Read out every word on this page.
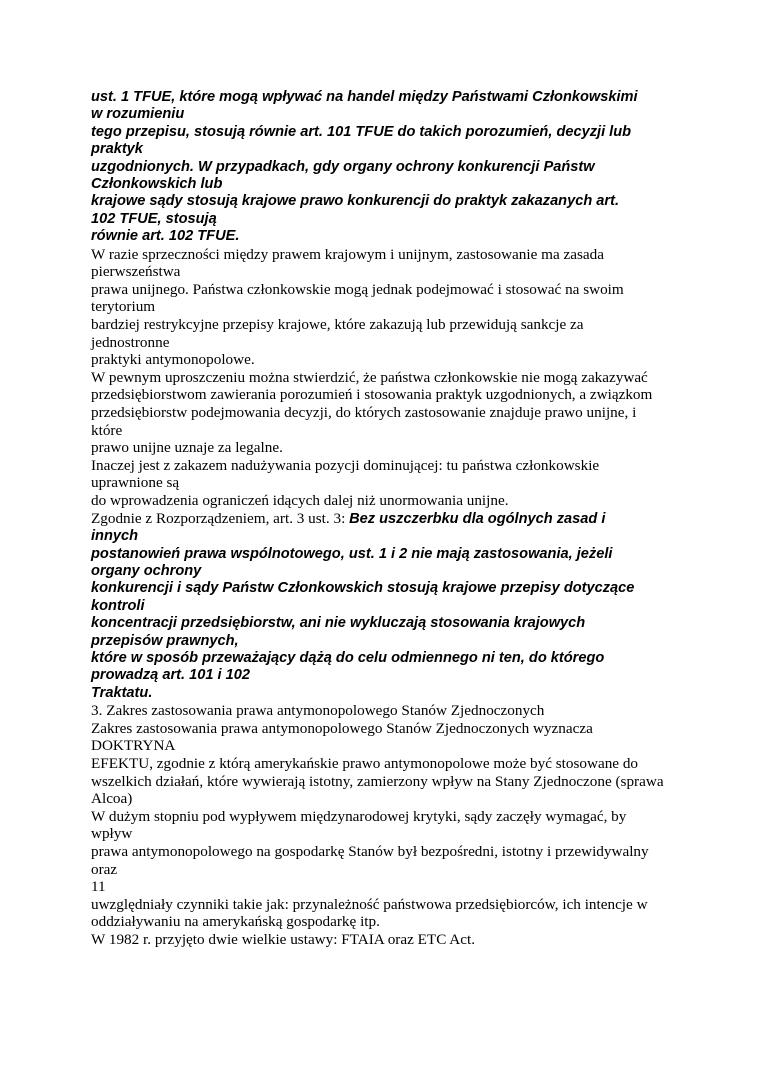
ust. 1 TFUE, które mogą wpływać na handel między Państwami Członkowskimi
w rozumieniu
tego przepisu, stosują równie art. 101 TFUE do takich porozumień, decyzji lub
praktyk
uzgodnionych. W przypadkach, gdy organy ochrony konkurencji Państw
Członkowskich lub
krajowe sądy stosują krajowe prawo konkurencji do praktyk zakazanych art.
102 TFUE, stosują
równie art. 102 TFUE.
W razie sprzeczności między prawem krajowym i unijnym, zastosowanie ma zasada
pierwszeństwa
prawa unijnego. Państwa członkowskie mogą jednak podejmować i stosować na swoim
terytorium
bardziej restrykcyjne przepisy krajowe, które zakazują lub przewidują sankcje za
jednostronne
praktyki antymonopolowe.
W pewnym uproszczeniu można stwierdzić, że państwa członkowskie nie mogą zakazywać
przedsiębiorstwom zawierania porozumień i stosowania praktyk uzgodnionych, a związkom
przedsiębiorstw podejmowania decyzji, do których zastosowanie znajduje prawo unijne, i
które
prawo unijne uznaje za legalne.
Inaczej jest z zakazem nadużywania pozycji dominującej: tu państwa członkowskie
uprawnione są
do wprowadzenia ograniczeń idących dalej niż unormowania unijne.
Zgodnie z Rozporządzeniem, art. 3 ust. 3: Bez uszczerbku dla ogólnych zasad i
innych
postanowień prawa wspólnotowego, ust. 1 i 2 nie mają zastosowania, jeżeli
organy ochrony
konkurencji i sądy Państw Członkowskich stosują krajowe przepisy dotyczące
kontroli
koncentracji przedsiębiorstw, ani nie wykluczają stosowania krajowych
przepisów prawnych,
które w sposób przeważający dążą do celu odmiennego ni ten, do którego
prowadzą art. 101 i 102
Traktatu.
3. Zakres zastosowania prawa antymonopolowego Stanów Zjednoczonych
Zakres zastosowania prawa antymonopolowego Stanów Zjednoczonych wyznacza
DOKTRYNA
EFEKTU, zgodnie z którą amerykańskie prawo antymonopolowe może być stosowane do
wszelkich działań, które wywierają istotny, zamierzony wpływ na Stany Zjednoczone (sprawa
Alcoa)
W dużym stopniu pod wypływem międzynarodowej krytyki, sądy zaczęły wymagać, by
wpływ
prawa antymonopolowego na gospodarkę Stanów był bezpośredni, istotny i przewidywalny
oraz
11
uwzględniały czynniki takie jak: przynależność państwowa przedsiębiorców, ich intencje w
oddziaływaniu na amerykańską gospodarkę itp.
W 1982 r. przyjęto dwie wielkie ustawy: FTAIA oraz ETC Act.
